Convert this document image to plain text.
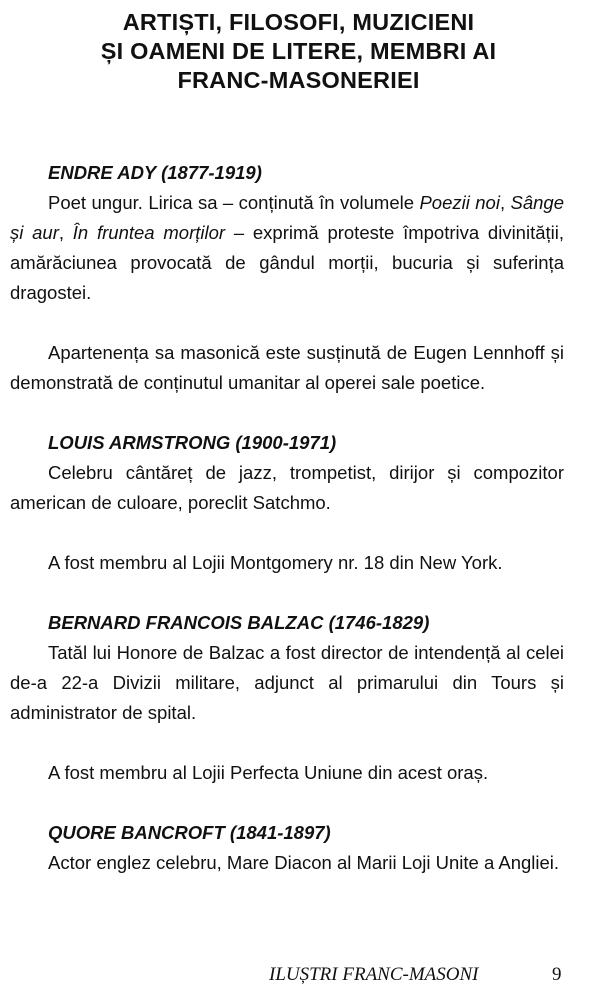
ARTIȘTI, FILOSOFI, MUZICIENI
ȘI OAMENI DE LITERE, MEMBRI AI
FRANC-MASONERIEI
ENDRE ADY (1877-1919)
Poet ungur. Lirica sa – conținută în volumele Poezii noi, Sânge și aur, În fruntea morților – exprimă proteste împotriva divinității, amărăciunea provocată de gândul morții, bucuria și suferința dragostei.
Apartenența sa masonică este susținută de Eugen Lennhoff și demonstrată de conținutul umanitar al operei sale poetice.
LOUIS ARMSTRONG (1900-1971)
Celebru cântăreț de jazz, trompetist, dirijor și compozitor american de culoare, poreclit Satchmo.
A fost membru al Lojii Montgomery nr. 18 din New York.
BERNARD FRANCOIS BALZAC (1746-1829)
Tatăl lui Honore de Balzac a fost director de intendență al celei de-a 22-a Divizii militare, adjunct al primarului din Tours și administrator de spital.
A fost membru al Lojii Perfecta Uniune din acest oraș.
QUORE BANCROFT (1841-1897)
Actor englez celebru, Mare Diacon al Marii Loji Unite a Angliei.
ILUȘTRI FRANC-MASONI	9
